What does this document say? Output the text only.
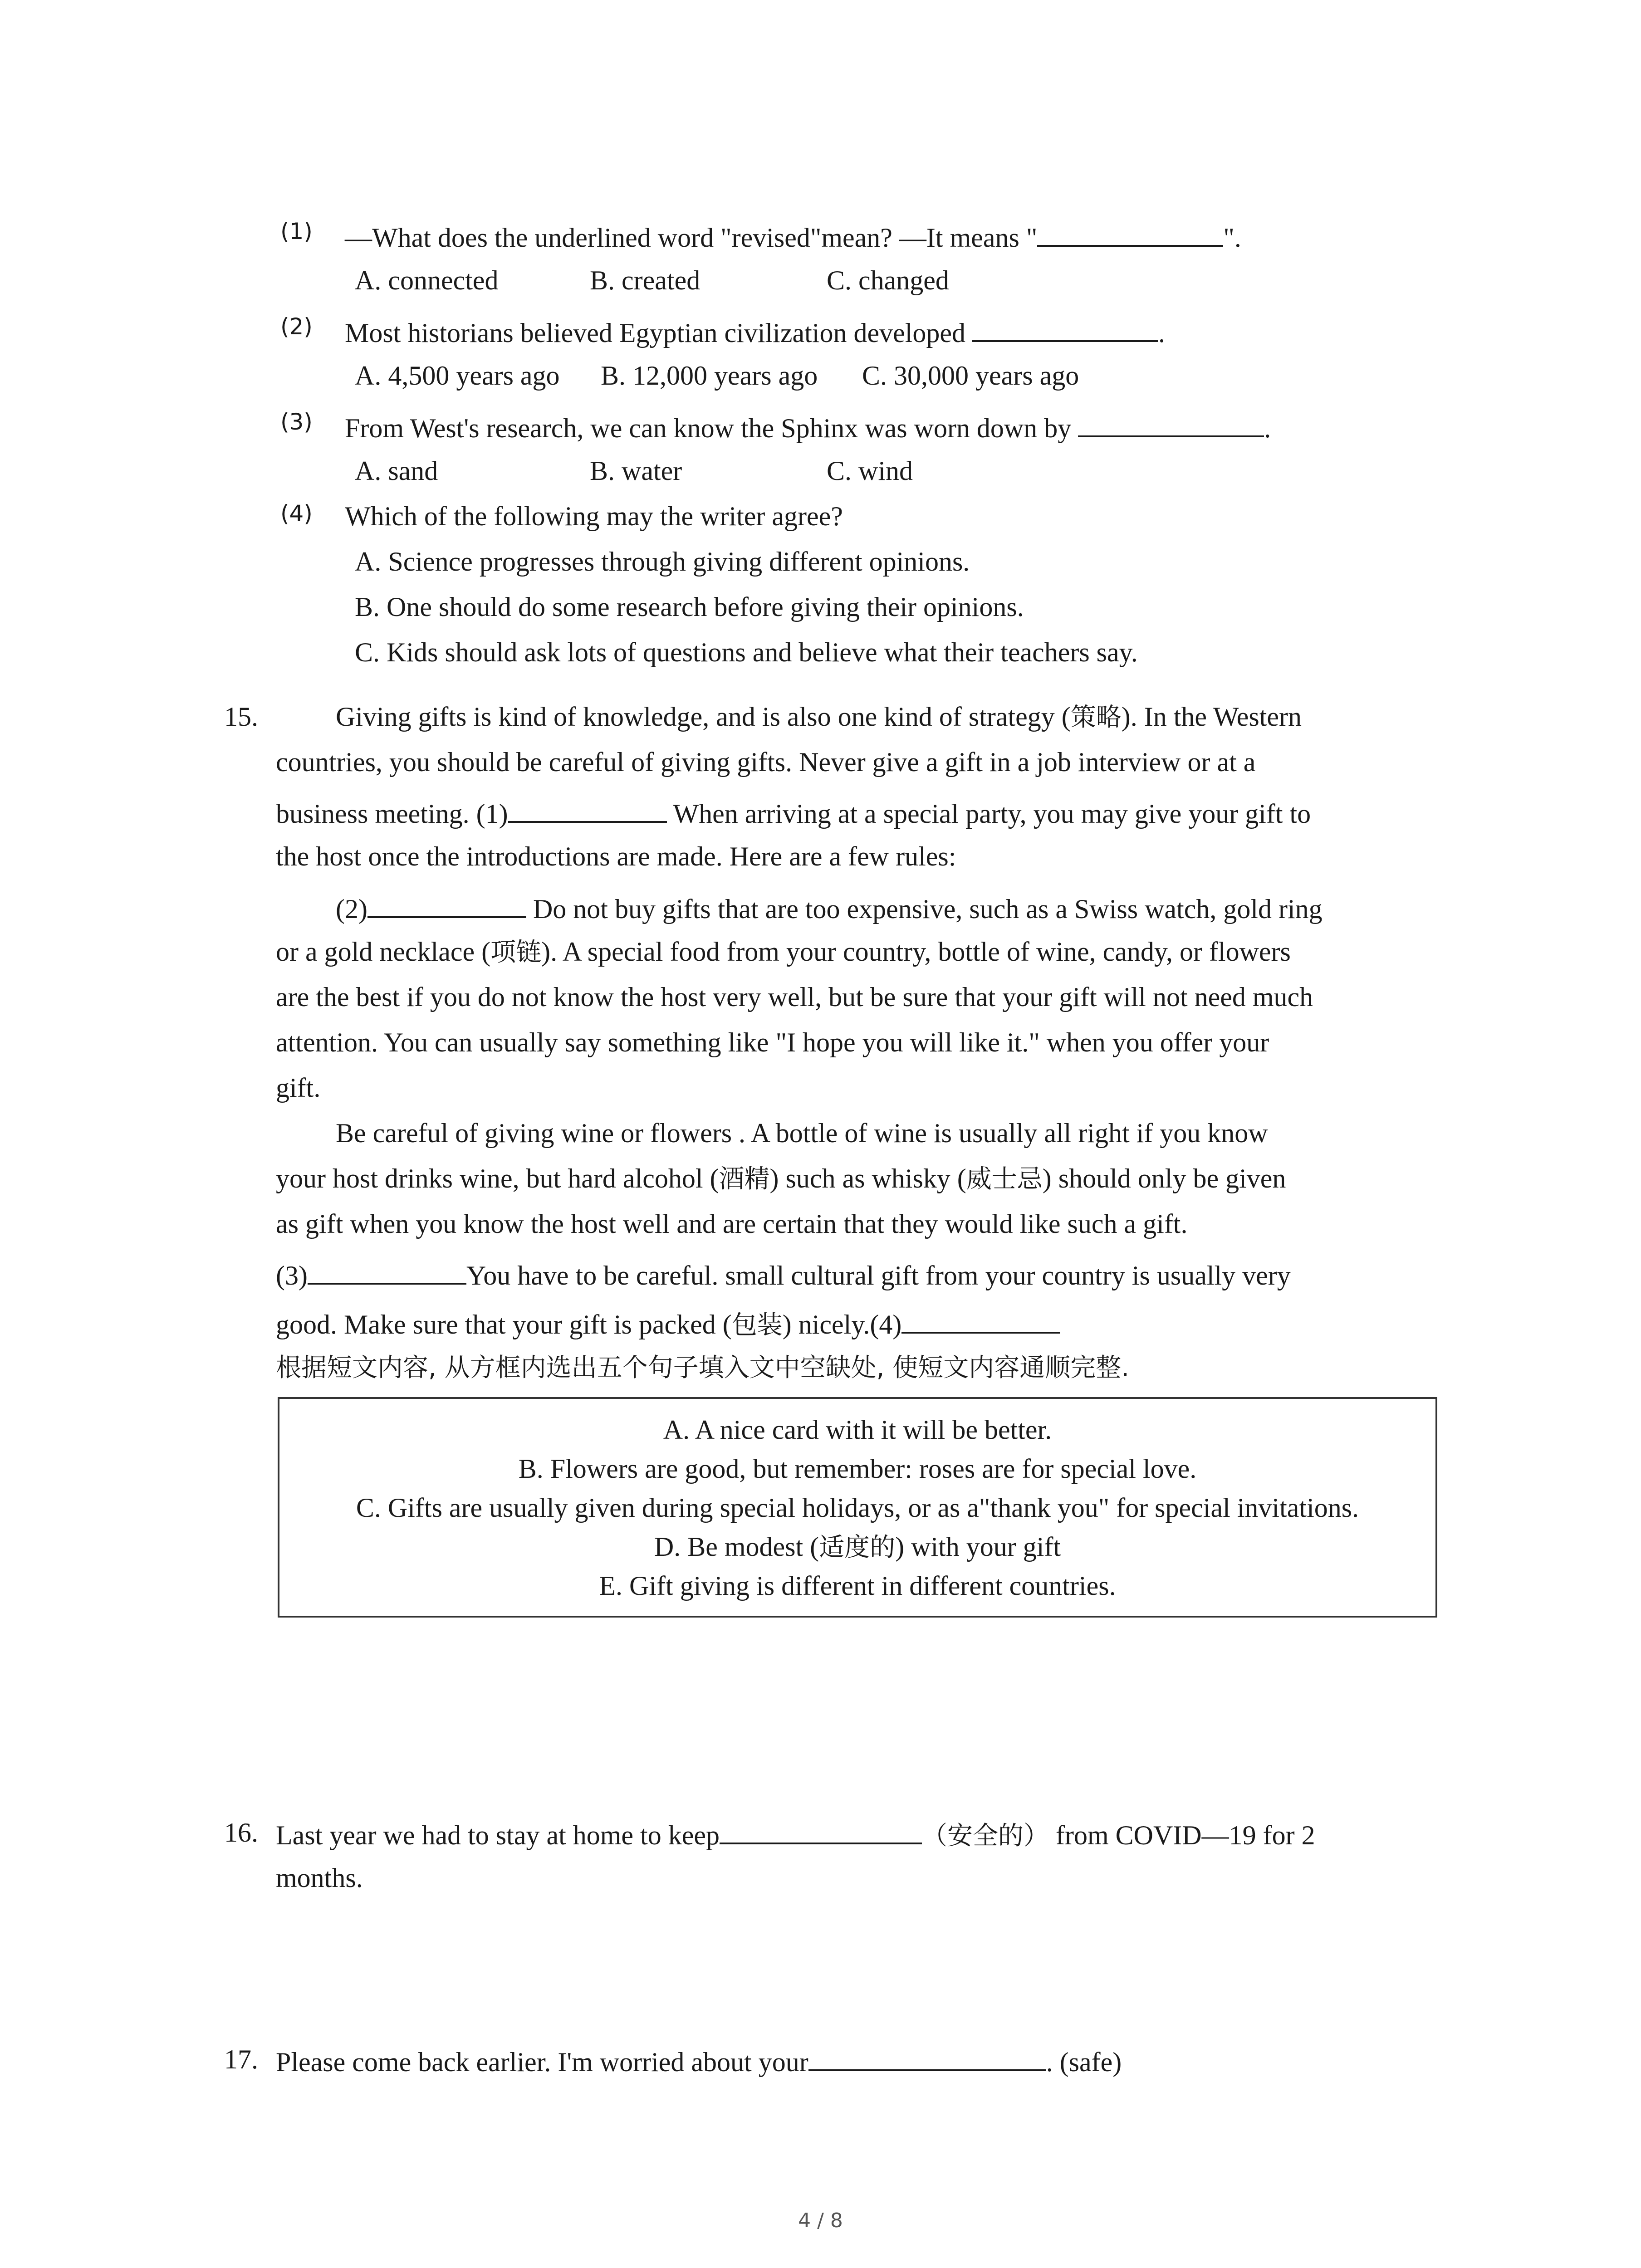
(1) —What does the underlined word "revised"mean? —It means "	".
A. connected	B. created	C. changed
(2) Most historians believed Egyptian civilization developed	.
A. 4,500 years ago B. 12,000 years ago C. 30,000 years ago
(3) From West's research, we can know the Sphinx was worn down by	.
A. sand	B. water	C. wind
(4) Which of the following may the writer agree?
A. Science progresses through giving different opinions.
B. One should do some research before giving their opinions.
C. Kids should ask lots of questions and believe what their teachers say.
15.	Giving gifts is kind of knowledge, and is also one kind of strategy (策略). In the Western
countries, you should be careful of giving gifts. Never give a gift in a job interview or at a
business meeting. (1)	When arriving at a special party, you may give your gift to
the host once the introductions are made. Here are a few rules:
(2)	Do not buy gifts that are too expensive, such as a Swiss watch, gold ring
or a gold necklace (项链). A special food from your country, bottle of wine, candy, or flowers
are the best if you do not know the host very well, but be sure that your gift will not need much
attention. You can usually say something like "I hope you will like it." when you offer your
gift.
Be careful of giving wine or flowers . A bottle of wine is usually all right if you know
your host drinks wine, but hard alcohol (酒精) such as whisky (威士忌) should only be given
as gift when you know the host well and are certain that they would like such a gift.
(3)	You have to be careful. small cultural gift from your country is usually very
good. Make sure that your gift is packed (包装) nicely.(4)
根据短文内容, 从方框内选出五个句子填入文中空缺处, 使短文内容通顺完整.
A. A nice card with it will be better.
B. Flowers are good, but remember: roses are for special love.
C. Gifts are usually given during special holidays, or as a"thank you" for special invitations.
D. Be modest (适度的) with your gift
E. Gift giving is different in different countries.
16. Last year we had to stay at home to keep	（安全的） from COVID—19 for 2
months.
17. Please come back earlier. I'm worried about your	. (safe)
4 / 8
